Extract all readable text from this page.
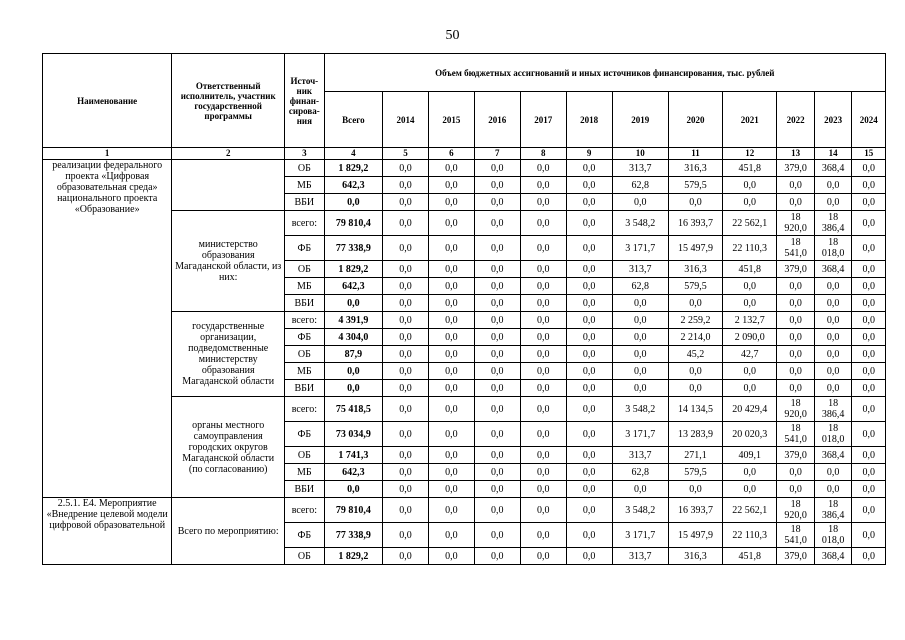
50
Наименование	Ответственный исполнитель, участник государственной программы	Источ-ник финан-сирова-ния	Объем бюджетных ассигнований и иных источников финансирования, тыс. рублей											
			Всего	2014	2015	2016	2017	2018	2019	2020	2021	2022	2023	2024
1	2	3	4	5	6	7	8	9	10	11	12	13	14	15
реализации федерального проекта «Цифровая образовательная среда» национального проекта «Образование»		ОБ	1 829,2	0,0	0,0	0,0	0,0	0,0	313,7	316,3	451,8	379,0	368,4	0,0
		МБ	642,3	0,0	0,0	0,0	0,0	0,0	62,8	579,5	0,0	0,0	0,0	0,0
		ВБИ	0,0	0,0	0,0	0,0	0,0	0,0	0,0	0,0	0,0	0,0	0,0	0,0
	министерство образования Магаданской области, из них:	всего:	79 810,4	0,0	0,0	0,0	0,0	0,0	3 548,2	16 393,7	22 562,1	18 920,0	18 386,4	0,0
		ФБ	77 338,9	0,0	0,0	0,0	0,0	0,0	3 171,7	15 497,9	22 110,3	18 541,0	18 018,0	0,0
		ОБ	1 829,2	0,0	0,0	0,0	0,0	0,0	313,7	316,3	451,8	379,0	368,4	0,0
		МБ	642,3	0,0	0,0	0,0	0,0	0,0	62,8	579,5	0,0	0,0	0,0	0,0
		ВБИ	0,0	0,0	0,0	0,0	0,0	0,0	0,0	0,0	0,0	0,0	0,0	0,0
	государственные организации, подведомственные министерству образования Магаданской области	всего:	4 391,9	0,0	0,0	0,0	0,0	0,0	0,0	2 259,2	2 132,7	0,0	0,0	0,0
		ФБ	4 304,0	0,0	0,0	0,0	0,0	0,0	0,0	2 214,0	2 090,0	0,0	0,0	0,0
		ОБ	87,9	0,0	0,0	0,0	0,0	0,0	0,0	45,2	42,7	0,0	0,0	0,0
		МБ	0,0	0,0	0,0	0,0	0,0	0,0	0,0	0,0	0,0	0,0	0,0	0,0
		ВБИ	0,0	0,0	0,0	0,0	0,0	0,0	0,0	0,0	0,0	0,0	0,0	0,0
	органы местного самоуправления городских округов Магаданской области (по согласованию)	всего:	75 418,5	0,0	0,0	0,0	0,0	0,0	3 548,2	14 134,5	20 429,4	18 920,0	18 386,4	0,0
		ФБ	73 034,9	0,0	0,0	0,0	0,0	0,0	3 171,7	13 283,9	20 020,3	18 541,0	18 018,0	0,0
		ОБ	1 741,3	0,0	0,0	0,0	0,0	0,0	313,7	271,1	409,1	379,0	368,4	0,0
		МБ	642,3	0,0	0,0	0,0	0,0	0,0	62,8	579,5	0,0	0,0	0,0	0,0
		ВБИ	0,0	0,0	0,0	0,0	0,0	0,0	0,0	0,0	0,0	0,0	0,0	0,0
2.5.1. Е4. Мероприятие «Внедрение целевой модели цифровой образовательной	Всего по мероприятию:	всего:	79 810,4	0,0	0,0	0,0	0,0	0,0	3 548,2	16 393,7	22 562,1	18 920,0	18 386,4	0,0
		ФБ	77 338,9	0,0	0,0	0,0	0,0	0,0	3 171,7	15 497,9	22 110,3	18 541,0	18 018,0	0,0
		ОБ	1 829,2	0,0	0,0	0,0	0,0	0,0	313,7	316,3	451,8	379,0	368,4	0,0
